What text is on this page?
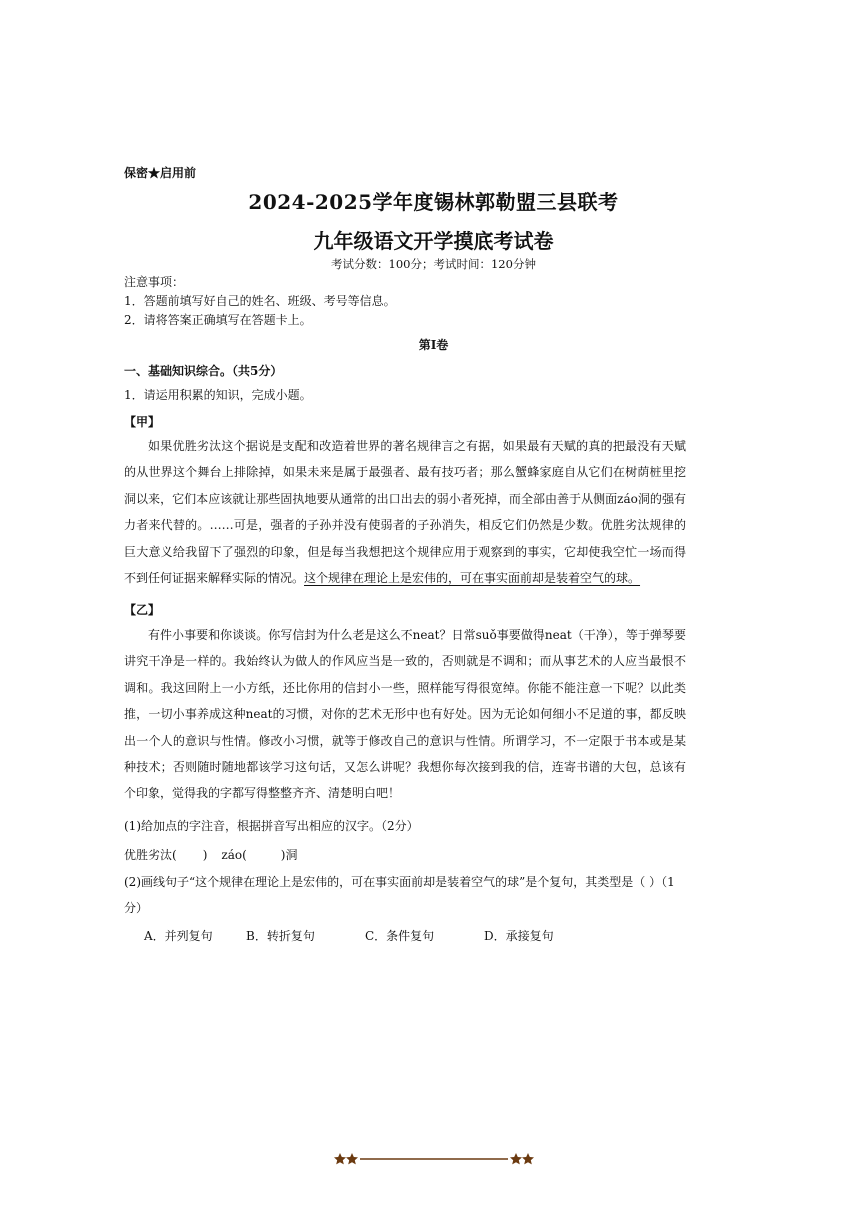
保密★启用前
2024-2025学年度锡林郭勒盟三县联考
九年级语文开学摸底考试卷
考试分数：100分；考试时间：120分钟
注意事项：
1．答题前填写好自己的姓名、班级、考号等信息。
2．请将答案正确填写在答题卡上。
第Ⅰ卷
一、基础知识综合。（共5分）
1．请运用积累的知识，完成小题。
【甲】

如果优胜劣汰这个据说是支配和改造着世界的著名规律言之有据，如果最有天赋的真的把最没有天赋的从世界这个舞台上排除掉，如果未来是属于最强者、最有技巧者；那么蟹蜂家庭自从它们在树荫桩里挖洞以来，它们本应该就让那些固执地要从通常的出口出去的弱小者死掉，而全部由善于从侧面záo洞的强有力者来代替的。……可是，强者的子孙并没有使弱者的子孙消失，相反它们仍然是少数。优胜劣汰规律的巨大意义给我留下了强烈的印象，但是每当我想把这个规律应用于观察到的事实，它却使我空忙一场而得不到任何证据来解释实际的情况。这个规律在理论上是宏伟的，可在事实面前却是装着空气的球。

【乙】

有件小事要和你谈谈。你写信封为什么老是这么不neat？日常suǒ事要做得neat（干净），等于弹琴要讲究干净是一样的。我始终认为做人的作风应当是一致的，否则就是不调和；而从事艺术的人应当最恨不调和。我这回附上一小方纸，还比你用的信封小一些，照样能写得很宽绰。你能不能注意一下呢？以此类推，一切小事养成这种neat的习惯，对你的艺术无形中也有好处。因为无论如何细小不足道的事，都反映出一个人的意识与性情。修改小习惯，就等于修改自己的意识与性情。所谓学习，不一定限于书本或是某种技术；否则随时随地都该学习这句话，又怎么讲呢？我想你每次接到我的信，连寄书谱的大包，总该有个印象，觉得我的字都写得整整齐齐、清楚明白吧！

(1)给加点的字注音，根据拼音写出相应的汉字。（2分）
优胜劣汰( ) záo(	)洞
(2)画线句子“这个规律在理论上是宏伟的，可在事实面前却是装着空气的球”是个复句，其类型是（ ）（1分）
A．并列复句	B．转折复句	C．条件复句	D．承接复句
